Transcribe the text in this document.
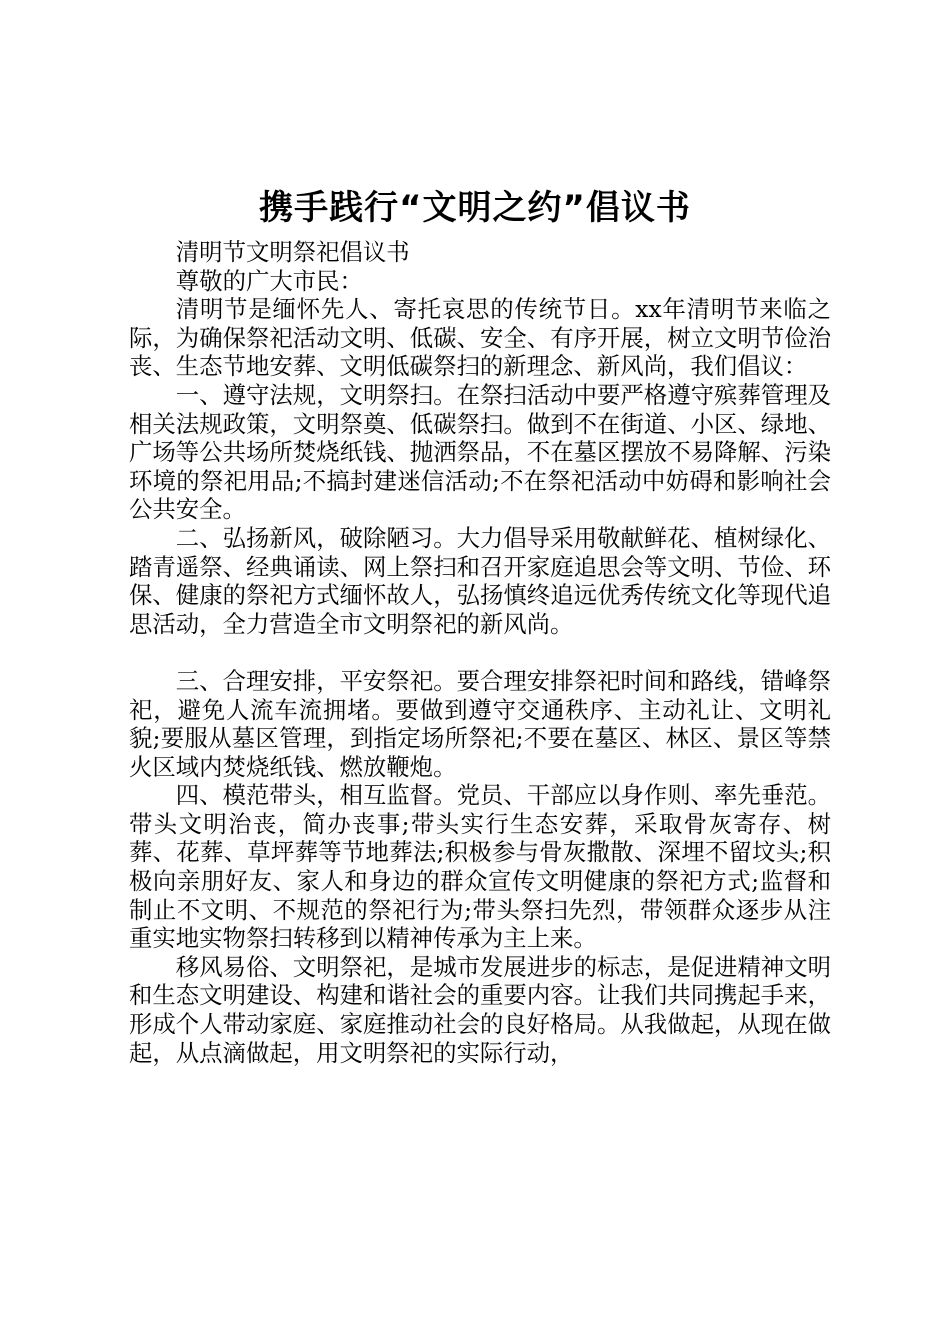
携手践行“文明之约”倡议书

清明节文明祭祀倡议书

尊敬的广大市民：

清明节是缅怀先人、寄托哀思的传统节日。xx年清明节来临之际，为确保祭祀活动文明、低碳、安全、有序开展，树立文明节俭治丧、生态节地安葬、文明低碳祭扫的新理念、新风尚，我们倡议：

一、遵守法规，文明祭扫。在祭扫活动中要严格遵守殡葬管理及相关法规政策，文明祭奠、低碳祭扫。做到不在街道、小区、绿地、广场等公共场所焚烧纸钱、抛洒祭品，不在墓区摆放不易降解、污染环境的祭祀用品;不搞封建迷信活动;不在祭祀活动中妨碍和影响社会公共安全。

二、弘扬新风，破除陋习。大力倡导采用敬献鲜花、植树绿化、踏青遥祭、经典诵读、网上祭扫和召开家庭追思会等文明、节俭、环保、健康的祭祀方式缅怀故人，弘扬慎终追远优秀传统文化等现代追思活动，全力营造全市文明祭祀的新风尚。

三、合理安排，平安祭祀。要合理安排祭祀时间和路线，错峰祭祀，避免人流车流拥堵。要做到遵守交通秩序、主动礼让、文明礼貌;要服从墓区管理，到指定场所祭祀;不要在墓区、林区、景区等禁火区域内焚烧纸钱、燃放鞭炮。

四、模范带头，相互监督。党员、干部应以身作则、率先垂范。带头文明治丧，简办丧事;带头实行生态安葬，采取骨灰寄存、树葬、花葬、草坪葬等节地葬法;积极参与骨灰撒散、深埋不留坟头;积极向亲朋好友、家人和身边的群众宣传文明健康的祭祀方式;监督和制止不文明、不规范的祭祀行为;带头祭扫先烈，带领群众逐步从注重实地实物祭扫转移到以精神传承为主上来。

移风易俗、文明祭祀，是城市发展进步的标志，是促进精神文明和生态文明建设、构建和谐社会的重要内容。让我们共同携起手来，形成个人带动家庭、家庭推动社会的良好格局。从我做起，从现在做起，从点滴做起，用文明祭祀的实际行动，
